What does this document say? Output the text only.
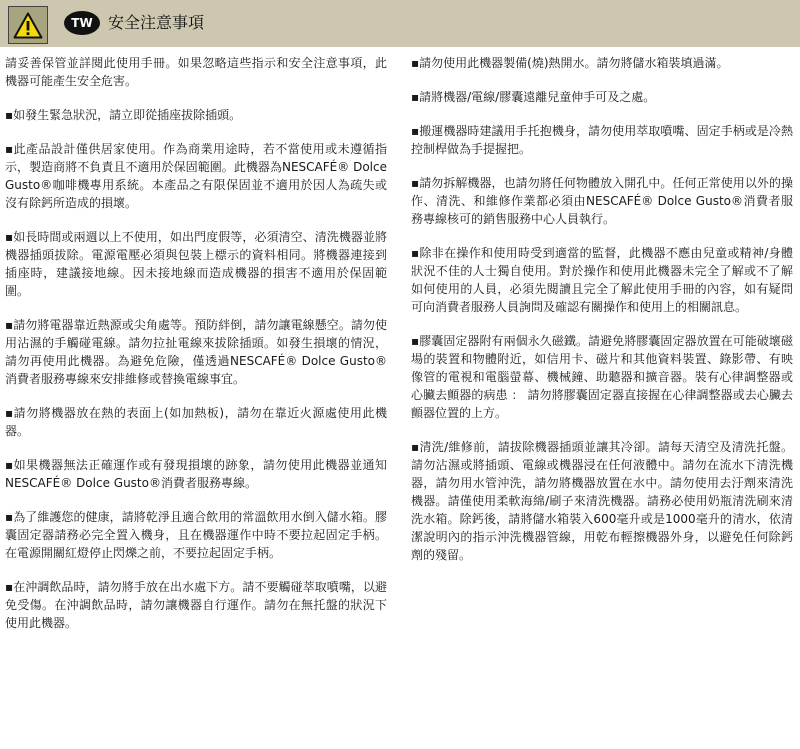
TW 安全注意事項

請妥善保管並詳閱此使用手冊。如果忽略這些指示和安全注意事項，此機器可能產生安全危害。

▪如發生緊急狀況，請立即從插座拔除插頭。

▪此產品設計僅供居家使用。作為商業用途時，若不當使用或未遵循指示，製造商將不負責且不適用於保固範圍。此機器為NESCAFÉ® Dolce Gusto®咖啡機專用系統。本產品之有限保固並不適用於因人為疏失或沒有除鈣所造成的損壞。

▪如長時間或兩週以上不使用，如出門度假等，必須清空、清洗機器並將機器插頭拔除。電源電壓必須與包裝上標示的資料相同。將機器連接到插座時，建議接地線。因未接地線而造成機器的損害不適用於保固範圍。

▪請勿將電器靠近熱源或尖角處等。預防絆倒，請勿讓電線懸空。請勿使用沾濕的手觸碰電線。請勿拉扯電線來拔除插頭。如發生損壞的情況，請勿再使用此機器。為避免危險，僅透過NESCAFÉ® Dolce Gusto®消費者服務專線來安排維修或替換電線事宜。

▪請勿將機器放在熱的表面上(如加熱板)，請勿在靠近火源處使用此機器。

▪如果機器無法正確運作或有發現損壞的跡象，請勿使用此機器並通知NESCAFÉ® Dolce Gusto®消費者服務專線。

▪為了維護您的健康，請將乾淨且適合飲用的常溫飲用水倒入儲水箱。膠囊固定器請務必完全置入機身，且在機器運作中時不要拉起固定手柄。在電源開關紅燈停止閃爍之前，不要拉起固定手柄。

▪在沖調飲品時，請勿將手放在出水處下方。請不要觸碰萃取噴嘴，以避免受傷。在沖調飲品時，請勿讓機器自行運作。請勿在無托盤的狀況下使用此機器。

▪請勿使用此機器製備(燒)熱開水。請勿將儲水箱裝填過滿。

▪請將機器/電線/膠囊遠離兒童伸手可及之處。

▪搬運機器時建議用手托抱機身，請勿使用萃取噴嘴、固定手柄或是冷熱控制桿做為手提握把。

▪請勿拆解機器，也請勿將任何物體放入開孔中。任何正常使用以外的操作、清洗、和維修作業都必須由NESCAFÉ® Dolce Gusto®消費者服務專線核可的銷售服務中心人員執行。

▪除非在操作和使用時受到適當的監督，此機器不應由兒童或精神/身體狀況不佳的人士獨自使用。對於操作和使用此機器未完全了解或不了解如何使用的人員，必須先閱讀且完全了解此使用手冊的內容，如有疑問可向消費者服務人員詢問及確認有關操作和使用上的相關訊息。

▪膠囊固定器附有兩個永久磁鐵。請避免將膠囊固定器放置在可能破壞磁場的裝置和物體附近，如信用卡、磁片和其他資料裝置、錄影帶、有映像管的電視和電腦螢幕、機械鐘、助聽器和擴音器。裝有心律調整器或心臟去顫器的病患 ： 請勿將膠囊固定器直接握在心律調整器或去心臟去顫器位置的上方。

▪清洗/維修前，請拔除機器插頭並讓其冷卻。請每天清空及清洗托盤。請勿沾濕或將插頭、電線或機器浸在任何液體中。請勿在流水下清洗機器，請勿用水管沖洗，請勿將機器放置在水中。請勿使用去汙劑來清洗機器。請僅使用柔軟海綿/刷子來清洗機器。請務必使用奶瓶清洗刷來清洗水箱。除鈣後，請將儲水箱裝入600毫升或是1000毫升的清水，依清潔說明內的指示沖洗機器管線，用乾布輕擦機器外身，以避免任何除鈣劑的殘留。
